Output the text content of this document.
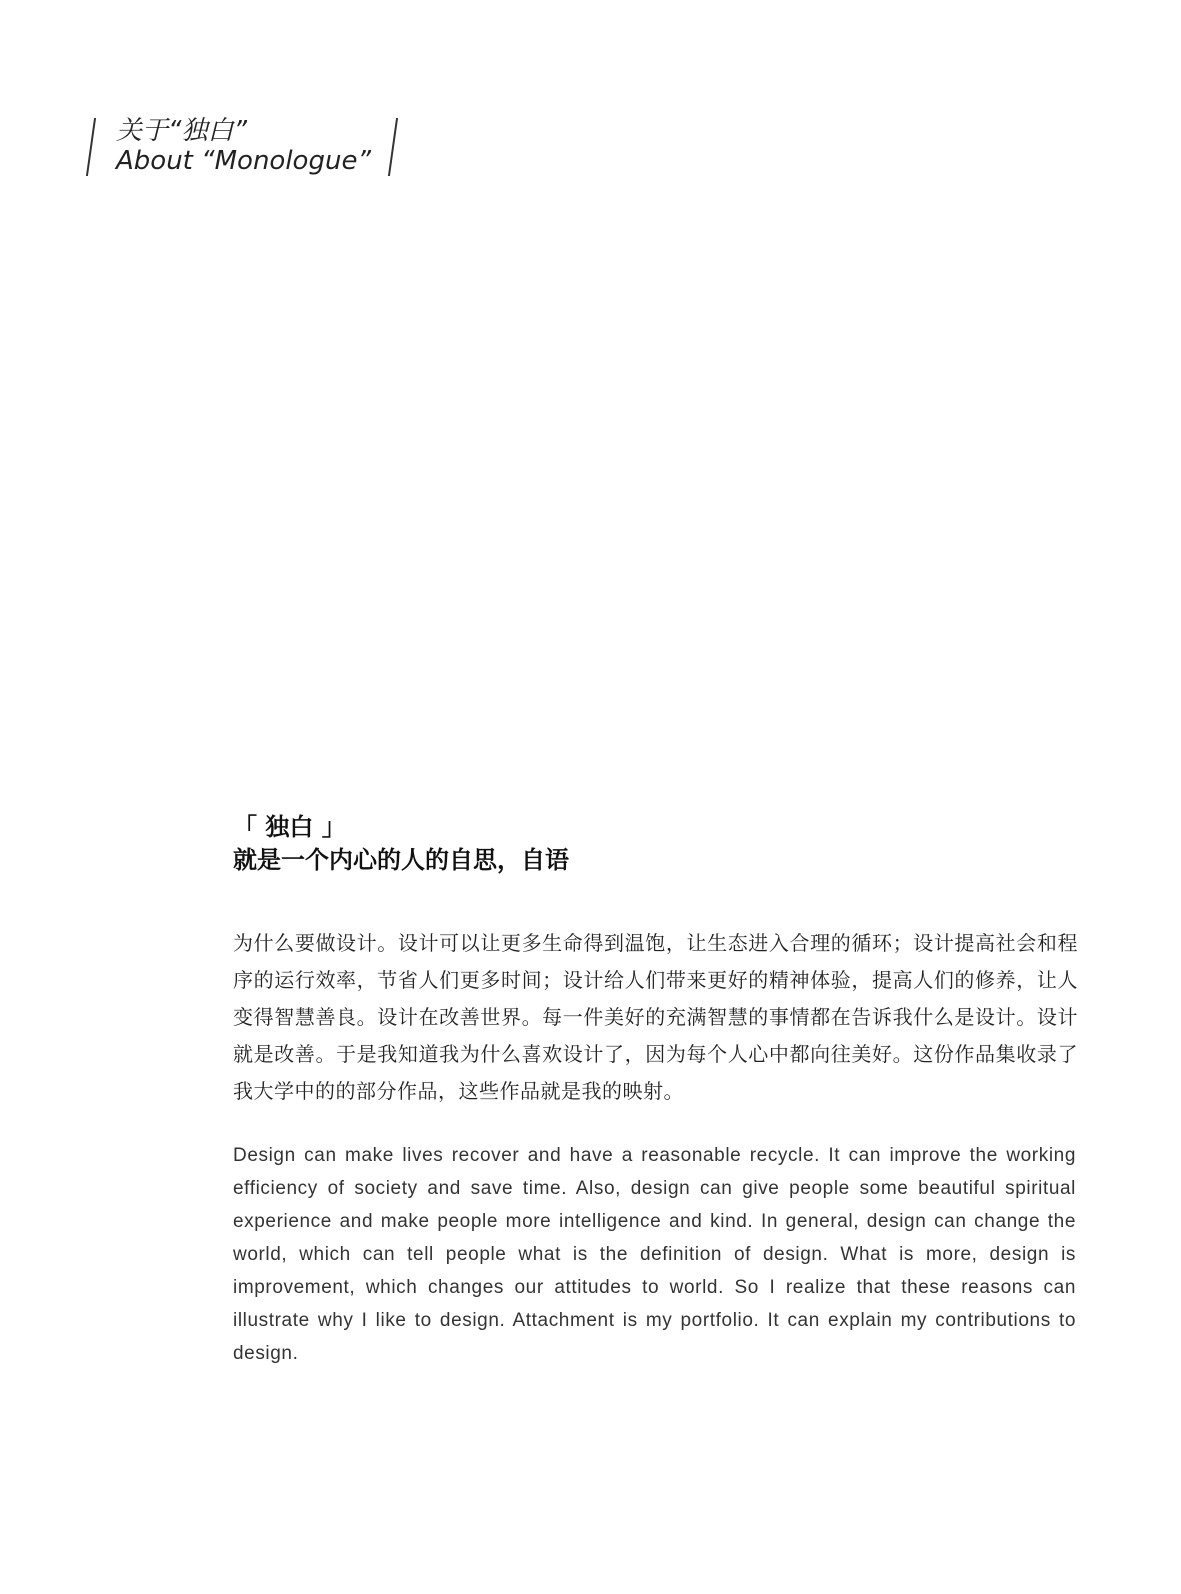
关于“独白”
About “Monologue”
「 独白 」
就是一个内心的人的自思，自语

为什么要做设计。设计可以让更多生命得到温饱，让生态进入合理的循环；设计提高社会和程序的运行效率，节省人们更多时间；设计给人们带来更好的精神体验，提高人们的修养，让人变得智慧善良。设计在改善世界。每一件美好的充满智慧的事情都在告诉我什么是设计。设计就是改善。于是我知道我为什么喜欢设计了，因为每个人心中都向往美好。这份作品集收录了我大学中的的部分作品，这些作品就是我的映射。

Design can make lives recover and have a reasonable recycle. It can improve the working efficiency of society and save time. Also, design can give people some beautiful spiritual experience and make people more intelligence and kind. In general, design can change the world, which can tell people what is the definition of design. What is more, design is improvement, which changes our attitudes to world. So I realize that these reasons can illustrate why I like to design. Attachment is my portfolio. It can explain my contributions to design.
